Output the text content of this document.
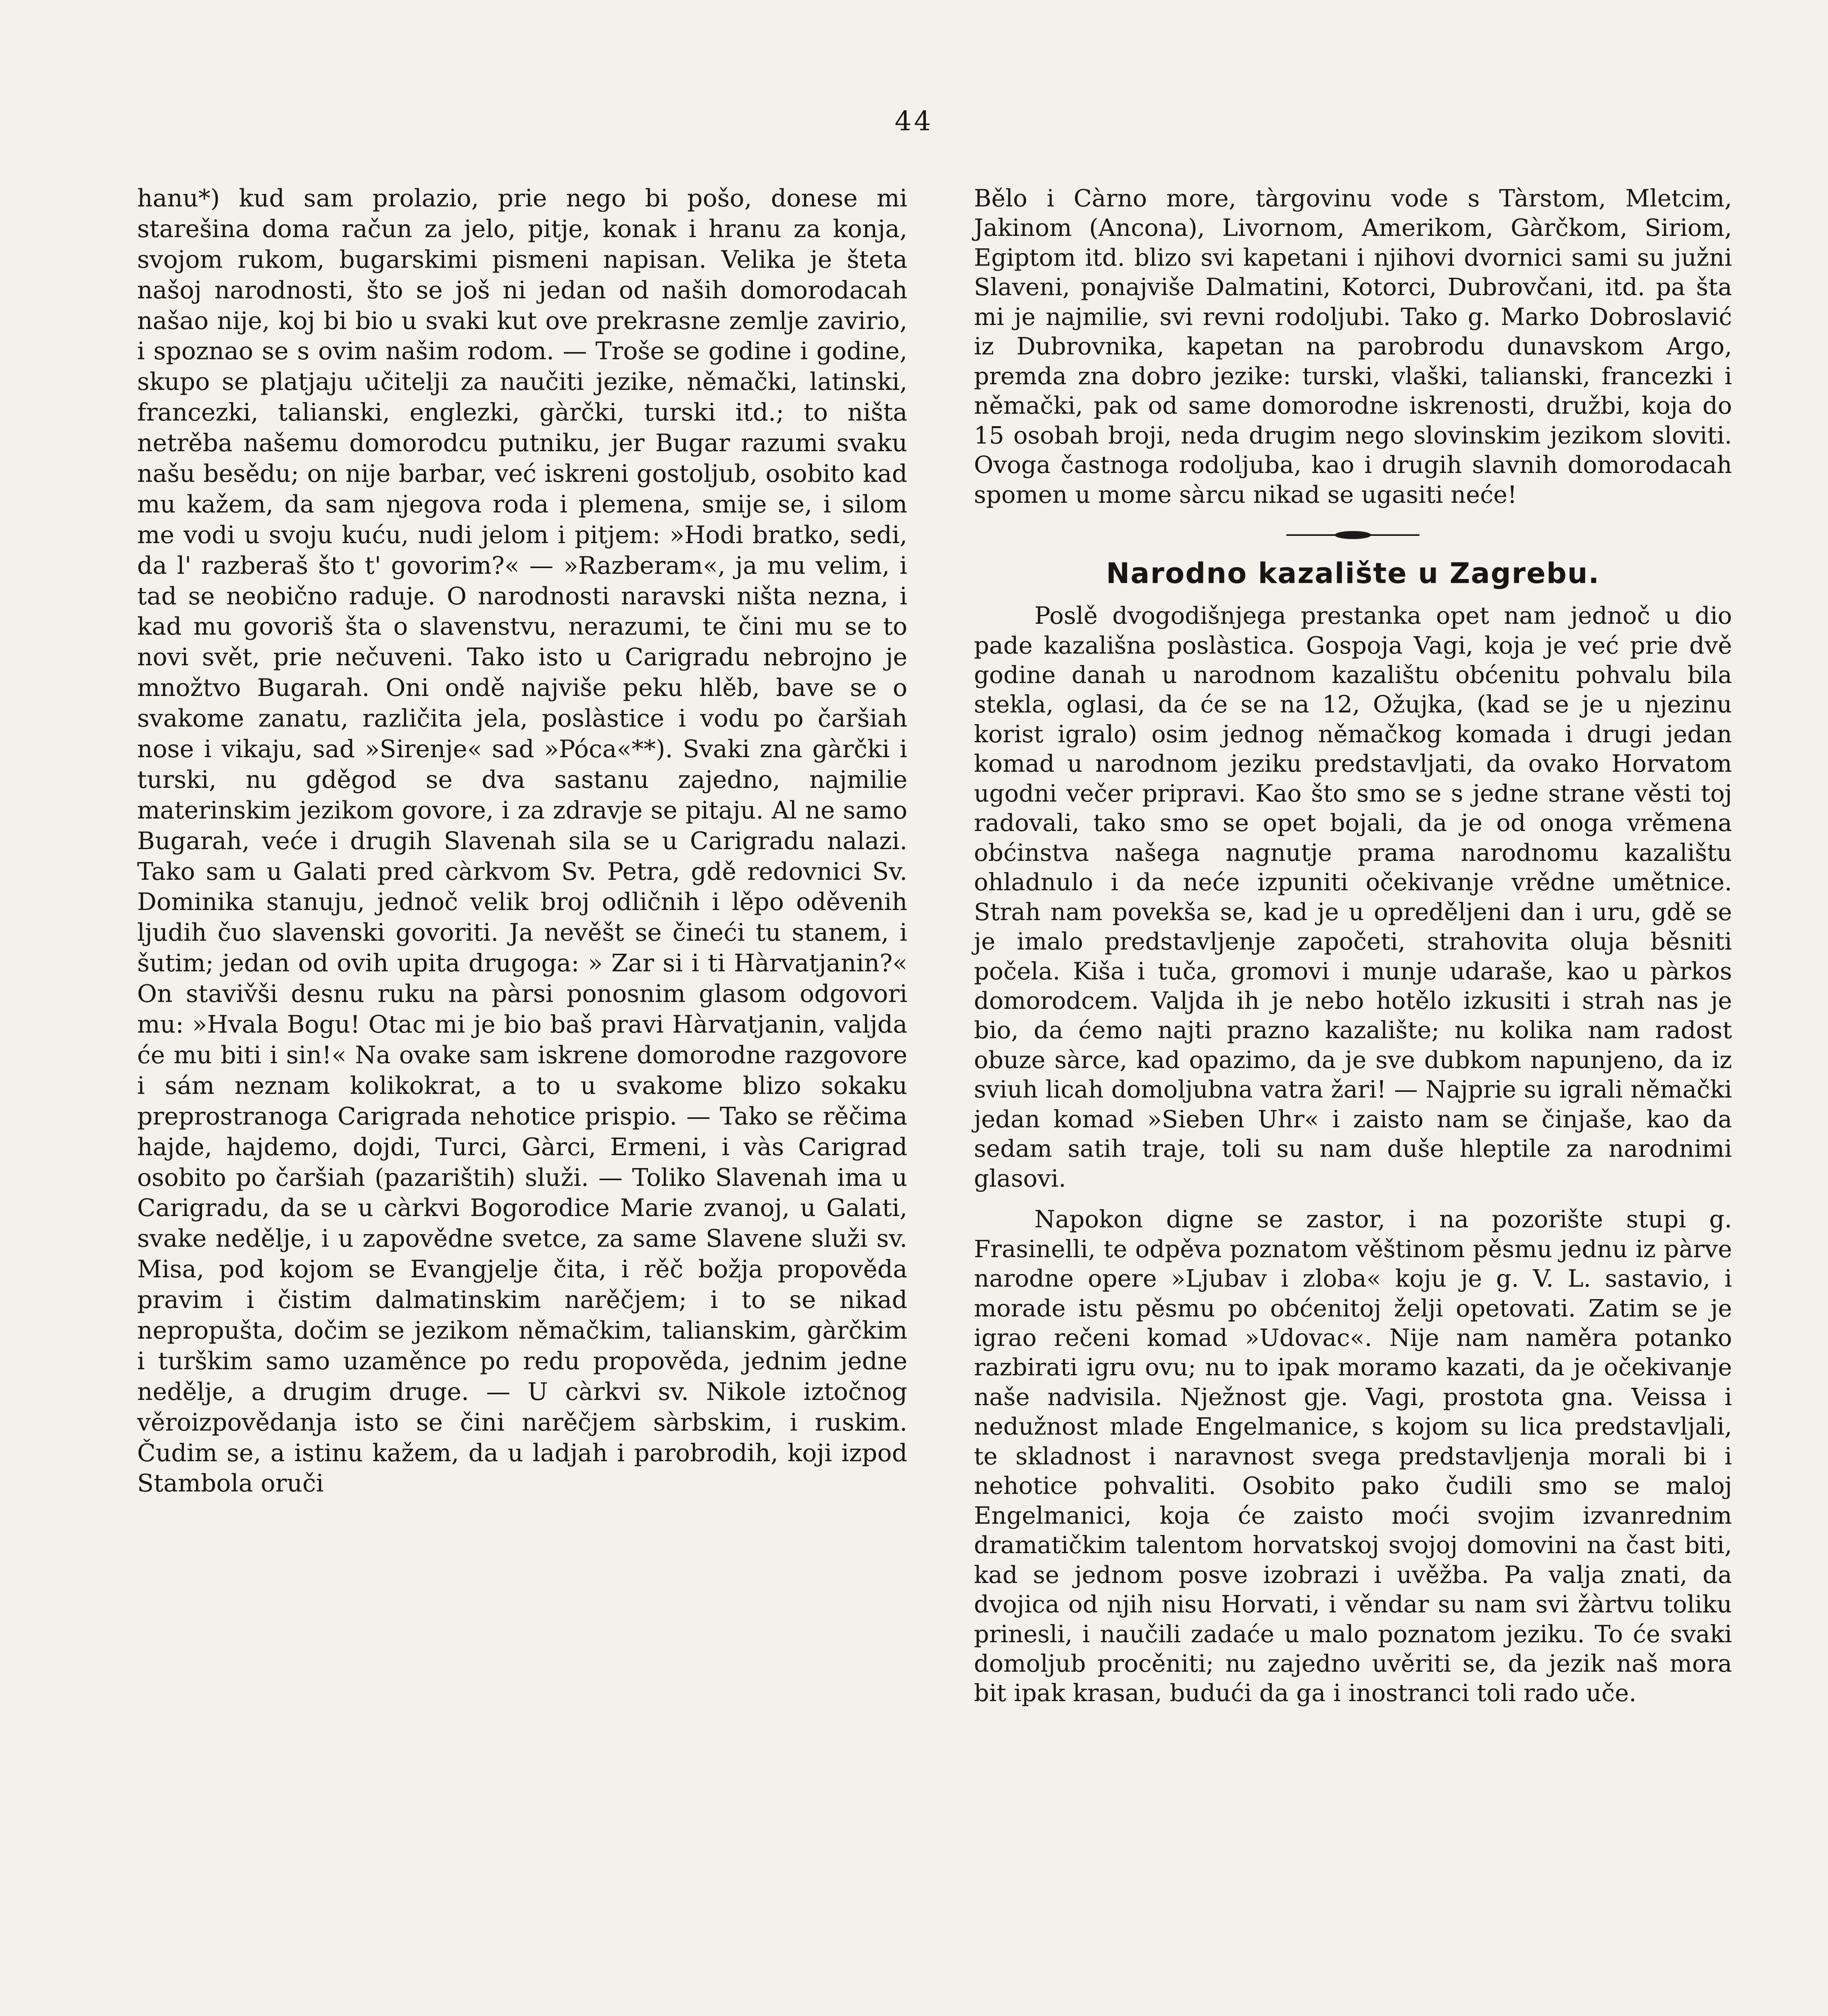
44

hanu*) kud sam prolazio, prie nego bi pošo, donese mi starešina doma račun za jelo, pitje, konak i hranu za konja, svojom rukom, bugarskimi pismeni napisan. Velika je šteta našoj narodnosti, što se još ni jedan od naših domorodacah našao nije, koj bi bio u svaki kut ove prekrasne zemlje zavirio, i spoznao se s ovim našim rodom. — Troše se godine i godine, skupo se platjaju učitelji za naučiti jezike, němački, latinski, francezki, talianski, englezki, gàrčki, turski itd.; to ništa netrěba našemu domorodcu putniku, jer Bugar razumi svaku našu besědu; on nije barbar, već iskreni gostoljub, osobito kad mu kažem, da sam njegova roda i plemena, smije se, i silom me vodi u svoju kuću, nudi jelom i pitjem: »Hodi bratko, sedi, da l' razberaš što t' govorim?« — »Razberam«, ja mu velim, i tad se neobično raduje. O narodnosti naravski ništa nezna, i kad mu govoriš šta o slavenstvu, nerazumi, te čini mu se to novi svět, prie nečuveni. Tako isto u Carigradu nebrojno je množtvo Bugarah. Oni ondě najviše peku hlěb, bave se o svakome zanatu, različita jela, poslàstice i vodu po čaršiah nose i vikaju, sad »Sirenje« sad »Póca«**). Svaki zna gàrčki i turski, nu gděgod se dva sastanu zajedno, najmilie materinskim jezikom govore, i za zdravje se pitaju. Al ne samo Bugarah, veće i drugih Slavenah sila se u Carigradu nalazi. Tako sam u Galati pred càrkvom Sv. Petra, gdě redovnici Sv. Dominika stanuju, jednoč velik broj odličnih i lěpo oděvenih ljudih čuo slavenski govoriti. Ja nevěšt se čineći tu stanem, i šutim; jedan od ovih upita drugoga: » Zar si i ti Hàrvatjanin?« On staviv̌ši desnu ruku na pàrsi ponosnim glasom odgovori mu: »Hvala Bogu! Otac mi je bio baš pravi Hàrvatjanin, valjda će mu biti i sin!« Na ovake sam iskrene domorodne razgovore i sám neznam kolikokrat, a to u svakome blizo sokaku preprostranoga Carigrada nehotice prispio. — Tako se rěčima hajde, hajdemo, dojdi, Turci, Gàrci, Ermeni, i vàs Carigrad osobito po čaršiah (pazarištih) služi. — Toliko Slavenah ima u Carigradu, da se u càrkvi Bogorodice Marie zvanoj, u Galati, svake nedělje, i u zapovědne svetce, za same Slavene služi sv. Misa, pod kojom se Evangjelje čita, i rěč božja propověda pravim i čistim dalmatinskim narěčjem; i to se nikad nepropušta, dočim se jezikom němačkim, talianskim, gàrčkim i turškim samo uzaměnce po redu propověda, jednim jedne nedělje, a drugim druge. — U càrkvi sv. Nikole iztočnog věroizpovědanja isto se čini narěčjem sàrbskim, i ruskim. Čudim se, a istinu kažem, da u ladjah i parobrodih, koji izpod Stambola oruči

Bělo i Càrno more, tàrgovinu vode s Tàrstom, Mletcim, Jakinom (Ancona), Livornom, Amerikom, Gàrčkom, Siriom, Egiptom itd. blizo svi kapetani i njihovi dvornici sami su južni Slaveni, ponajviše Dalmatini, Kotorci, Dubrovčani, itd. pa šta mi je najmilie, svi revni rodoljubi. Tako g. Marko Dobroslavić iz Dubrovnika, kapetan na parobrodu dunavskom Argo, premda zna dobro jezike: turski, vlaški, talianski, francezki i němački, pak od same domorodne iskrenosti, družbi, koja do 15 osobah broji, neda drugim nego slovinskim jezikom sloviti. Ovoga častnoga rodoljuba, kao i drugih slavnih domorodacah spomen u mome sàrcu nikad se ugasiti neće!

Narodno kazalište u Zagrebu.

Poslě dvogodišnjega prestanka opet nam jednoč u dio pade kazališna poslàstica. Gospoja Vagi, koja je već prie dvě godine danah u narodnom kazalištu obćenitu pohvalu bila stekla, oglasi, da će se na 12, Ožujka, (kad se je u njezinu korist igralo) osim jednog němačkog komada i drugi jedan komad u narodnom jeziku predstavljati, da ovako Horvatom ugodni večer pripravi. Kao što smo se s jedne strane věsti toj radovali, tako smo se opet bojali, da je od onoga vrěmena obćinstva našega nagnutje prama narodnomu kazalištu ohladnulo i da neće izpuniti očekivanje vrědne umětnice. Strah nam povekša se, kad je u opreděljeni dan i uru, gdě se je imalo predstavljenje započeti, strahovita oluja běsniti počela. Kiša i tuča, gromovi i munje udaraše, kao u pàrkos domorodcem. Valjda ih je nebo hotělo izkusiti i strah nas je bio, da ćemo najti prazno kazalište; nu kolika nam radost obuze sàrce, kad opazimo, da je sve dubkom napunjeno, da iz sviuh licah domoljubna vatra žari! — Najprie su igrali němački jedan komad »Sieben Uhr« i zaisto nam se činjaše, kao da sedam satih traje, toli su nam duše hleptile za narodnimi glasovi.

Napokon digne se zastor, i na pozorište stupi g. Frasinelli, te odpěva poznatom věštinom pěsmu jednu iz pàrve narodne opere »Ljubav i zloba« koju je g. V. L. sastavio, i morade istu pěsmu po obćenitoj želji opetovati. Zatim se je igrao rečeni komad »Udovac«. Nije nam naměra potanko razbirati igru ovu; nu to ipak moramo kazati, da je očekivanje naše nadvisila. Nježnost gje. Vagi, prostota gna. Veissa i nedužnost mlade Engelmanice, s kojom su lica predstavljali, te skladnost i naravnost svega predstavljenja morali bi i nehotice pohvaliti. Osobito pako čudili smo se maloj Engelmanici, koja će zaisto moći svojim izvanrednim dramatičkim talentom horvatskoj svojoj domovini na čast biti, kad se jednom posve izobrazi i uvěžba. Pa valja znati, da dvojica od njih nisu Horvati, i věndar su nam svi žàrtvu toliku prinesli, i naučili zadaće u malo poznatom jeziku. To će svaki domoljub procěniti; nu zajedno uvěriti se, da jezik naš mora bit ipak krasan, budući da ga i inostranci toli rado uče.
